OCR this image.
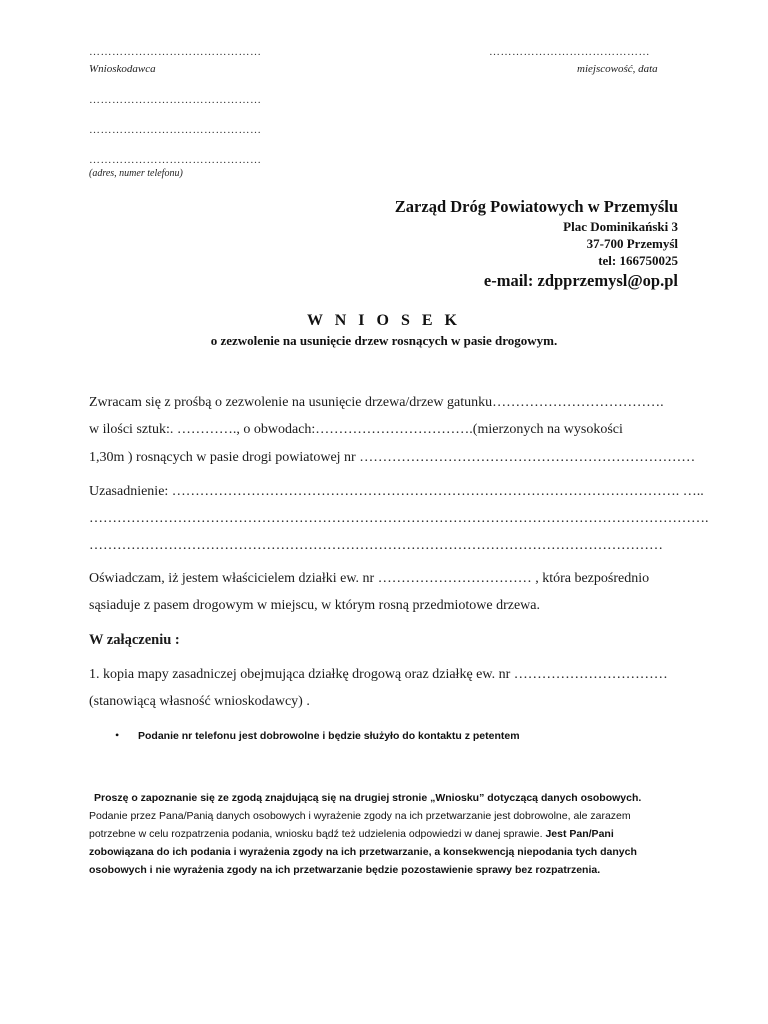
………………………………………
Wnioskodawca
……………………………………
miejscowość, data
………………………………………
………………………………………
………………………………………
(adres, numer telefonu)
Zarząd Dróg Powiatowych w Przemyślu
Plac Dominikański 3
37-700 Przemyśl
tel: 166750025
e-mail: zdpprzemysl@op.pl
W N I O S E K
o zezwolenie na usunięcie drzew rosnących w pasie drogowym.
Zwracam się z prośbą o zezwolenie na usunięcie drzewa/drzew gatunku……………………………….
w ilości sztuk:. …………., o obwodach:…………………………….(mierzonych na wysokości
1,30m ) rosnących w pasie drogi powiatowej nr ………………………………………………………………
Uzasadnienie: ………………………………………………………………………………………………. …..
…………………………………………………………………………………………………………………….
……………………………………………………………………………………………………………
Oświadczam, iż jestem właścicielem działki ew. nr …………………………… , która bezpośrednio
sąsiaduje z pasem drogowym w miejscu, w którym rosną przedmiotowe drzewa.
W załączeniu :
1. kopia mapy zasadniczej obejmująca działkę drogową oraz działkę ew. nr ……………………………
(stanowiącą własność wnioskodawcy) .
• Podanie nr telefonu jest dobrowolne i będzie służyło do kontaktu z petentem
Proszę o zapoznanie się ze zgodą znajdującą się na drugiej stronie „Wniosku” dotyczącą danych osobowych.
Podanie przez Pana/Panią danych osobowych i wyrażenie zgody na ich przetwarzanie jest dobrowolne, ale zarazem
potrzebne w celu rozpatrzenia podania, wniosku bądź też udzielenia odpowiedzi w danej sprawie. Jest Pan/Pani
zobowiązana do ich podania i wyrażenia zgody na ich przetwarzanie, a konsekwencją niepodania tych danych
osobowych i nie wyrażenia zgody na ich przetwarzanie będzie pozostawienie sprawy bez rozpatrzenia.
